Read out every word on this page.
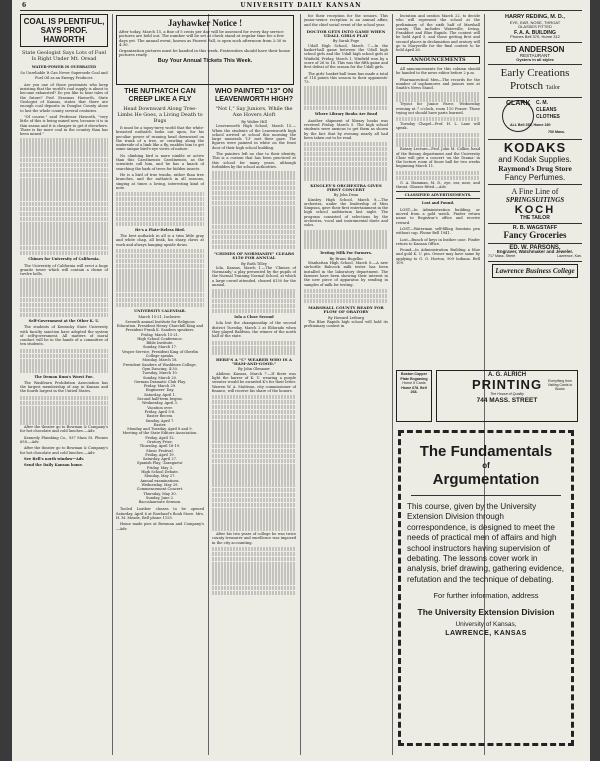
6	UNIVERSITY DAILY KANSAN
COAL IS PLENTIFUL, SAYS PROF. HAWORTH
State Geologist Says Lots of Fuel Is Right Under Mt. Oread
WATER-POWER IS OVERRATED
So Unreliable It Can Never Supersede Coal and Fuel Oil as an Energy Producer.

Are you one of those pessimists who keep insisting that the world's coal supply is about to become exhausted? Do you like to hear tales of the future? Prof. Erasmus Haworth, State Geologist of Kansas, states that there are enough coal deposits in Douglas County alone to last the whole county several centuries.

"Of course," said Professor Haworth, "very little of this is being mined now, because it is in thin seams and it is cheaper to get it elsewhere. There is far more coal in the country than has been mined."

Chimes for University of California.

The University of California will erect a huge granite tower which will contain a chime of twelve bells.

Self-Government at the Other K. U.

The students of Kentucky State University with faculty sanction have adopted the system of self-government. All matters of moral conduct will be in the hands of a committee of ten students.

The Demon Rum's Worst Foe.

The Washburn Prohibition Association has the largest membership of any in Kansas and the fourth largest in the United States.

After the theater go to Bowman & Company's for hot chocolate and cold lunches.—Adv.

Kennedy Plumbing Co., 937 Mass St. Phones 658.—Adv.

After the theater go to Bowman & Company's for hot chocolate and cold lunches.—Adv.

See Bell's north window—Adv.

Send the Daily Kansan home.

Jayhawker Notice !

After today, March 15, a fine of 5 cents per day will be assessed for every day service pictures are held out. The number will be set at check stand at regular time for a few days yet. The annual event, known as Fineest Fall, is open such afternoon from 2:30 to 4:30.

Organization pictures must be handed in this week. Fraternities should have their house pictures ready.

Buy Your Annual Tickets This Week.
THE NUTHATCH CAN CREEP LIKE A FLY
Head Downward Along Tree-Limbs He Goes, a Living Death to Bugs

It must be a topsy-turvy world that the white-breasted nuthatch looks out upon, for his peculiar power of running head downward on the trunk of a tree, or crawling along the underside of a limb like a fly, enables him to get some unique bird's-eye views of nature.

No climbing bird is more nimble or active than this Carolinensis Carolinensis, as the scientists call him, and he has a knack of searching the bark of trees for hidden insects.

He is a bird of true trunks, rather than tree branches, and the nuthatch in all seasons, singing at times a loving, interesting kind of note.

He's a Plate-Iteless Bird.

The best nuthatch in all is a trim little gray and white chap, all beak, his sharp claws at work and always hanging upside down.

UNIVERSITY CALENDAR.
March 15-21, Inclusive.
Seventh annual Institute for Religious Education. President Henry Churchill King and President Frank K. Sanders speakers.
Friday, March 15-21.
High School Conference.
Bible Institute.
Sunday, March 17.
Vesper Service, President King of Oberlin College speaks.
Monday, March 18.
President Sanders of Washburn College.
Gym Dancing, 4:30.
Tuesday, March 19.
Sunday, March 20.
German Dramatic Club Play.
Friday, March 29.
Engineers' Day.
Saturday, April 1.
Second half-term begins.
Wednesday, April 3.
Vacation over.
Friday, April 5-6.
Easter Recess.
Sunday, April 7.
Easter.
Monday and Tuesday, April 8 and 9.
Meeting of the State Editors Association.
Friday, April 12.
Oratory Prize.
Thursday, April 18-19.
Music Festival.
Friday, April 19.
Saturday, April 27.
Spanish Play, 'Zaragueta'
Friday, May 3.
High School Debate.
Monday, May 27.
Annual examinations.
Wednesday, May 29.
Commencement Concert.
Thursday, May 30.
Sunday, June 2.
Baccalaureate Sermon.

Tooled Leather classes to be opened Saturday, April 6 at Rowland's Book Store. Mrs. H. M. Meade, Bell phone 1155.

Home made pies at Bowman and Company's—Adv.

WHO PAINTED "13" ON LEAVENWORTH HIGH?
"Not I," Say Juniors, While the Axe Hovers Aloft
By Walter Hill

Leavenworth High School, March 15.—When the students of the Leavenworth high school arrived at school this morning the large numerals '13' met their gaze. The figures were painted in white on the front door of their high school building.

The painters left no clue to their identity. This is a custom that has been practiced at this school for many years, although forbidden by the school authorities.

"CHIMES OF NORMANDY" CLEARS $150 FOR ANNUAL
By Ruth Tilley

Iola, Kansas, March 1.—The 'Chimes of Normandy,' a play presented by the pupils of the Normal Training Normal School, at which a large crowd attended, cleared $150 for the annual.

Iola a Close Second

Iola lost the championship of the second district Tuesday, March 2 at Eldorado when they played Baldwin, the winner of the north half of the state.

HERE'S A "C" WEARER WHO IS A "HAM-AND-GOOD."
By John Glennaer

Abilene, Kansas, March 7.—If there was light the barrer of K. U. wearing a purple sweater would be awarded K's for their letter. Warren W. A. Mattison, city commissioner of finance, will receive his share of the honors.

After his two years of college he was twice county treasurer and excellence was imposed in the city accounting.

for their reception for the seniors. This junior-senior reception is an annual affair, and the chief social event of the school year.

DOCTOR GETS INTO GAME WHEN UDALL GIRLS PLAY
By Sarah Poge

Udall High School, March 7.—In the basket-ball game between the Udall high school girls and the Udall high school girls at Winfield, Friday, March 1, Winfield won by a score of 26 to 16. This was the fifth game and first defeat of the season for the Udall girls.

The girls' basket-ball team has made a total of 114 points this season to their opponents' 73.

Where Library Books Are Read

Another shipment of library books was received Friday, March 5. The high school students were anxious to get them as shown by the fact that by evening nearly all had been taken out to be read.

KINGLEY'S ORCHESTRA GIVES FIRST CONCERT
By John Dean

Kinsley High School, March 8.—The orchestra, under the leadership of Miss Simpson, gave their first entertainment in the high school auditorium last night. The program consisted of selections by the orchestra, vocal and instrumental duets and solos.

Testing Milk For Farmers.
By Bruno Bugelko

Manhattan High School, March 8.—A new six-bottle Babcock milk tester has been installed in the laboratory department. The farmers have been showing their interest in the new piece of apparatus by sending in samples of milk for testing.

MARSHALL COUNTY READY FOR FLOW OF ORATORY
By Howard Letburg

The Blue Rapids high school will hold its preliminary contest in

leoration and oration March 22, to decide who will represent the school at the preliminary of the sixth half of Marshall county. This includes Waterville, Irving, Frankfort and Blue Rapids. The contest will be held April 5, and those getting first and second places in declamation and oratory will go to Marysville for the final contest to be held April 26.

ANNOUNCEMENTS

All announcements for this column should be handed to the news editor before 2 p.m.

Pharmaceutical Men—The records for the number of sophomores and juniors now at Smith's News Stand.

Tryout for Junior Farce, Wednesday evening at 7 o'clock, room 110 Fraser. Those trying out should have parts learned.

Tuesday Chapel—Prof. H. L. Lane will speak.

Rotary Lecture—Prof. John M. Collier, head of the Botany department and the University Choir will give a concert 'on the Drama' in the lecture room of Snow hall for two weeks beginning March 11.

G. A. Hamman, M. D., eye, ear, nose, and throat. Glasses fitted.—Adv.

CLASSIFIED ADVERTISEMENTS.
Lost and Found.

LOST—In Administration building, or moved from a gold watch. Finder return name to Registrar's office and receive reward.

LOST—Waterman self-filling fountain pen without cap. Phone Bell 1941.

Lost—Bunch of keys in leather case. Finder return to Kansan Office.

Found—In Administration Building a blue and gold K. U. pin. Owner may have same by applying to G. O. Horton, 909 Indiana. Bell 109.

Boston Copper Plate Engraving
Horne 5 Cards
Home 678. Bell 268.
A. G. ALRICH
PRINTING
The House of Quality
Everything from Visiting Cards to Books
744 MASS. STREET
HARRY REDING, M. D.,
EYE, EAR, NOSE, THROAT
GLASSES FITTED
F. A. A. BUILDING
Phones Bell 370, Home 312
ED ANDERSON
RESTAURANT
Oysters in all styles
Early Creations
Protsch Tailor
CLARK C. M.
CLEANS
CLOTHES
ALL Bell 255, Home 180
700 Mass.
KODAKS
and Kodak Supplies.
Raymond's Drug Store
Fancy Perfumes.
A Fine Line of
SPRINGSUITINGS
KOCH
THE TAILOR
R. B. WAGSTAFF
Fancy Groceries
ED. W. PARSONS,
Engraver, Watchmaker and Jeweler.
717 Mass. Street	Lawrence, Kan.
Lawrence Business College
The Fundamentals
of
Argumentation
This course, given by the University Extension Division through correspondence, is designed to meet the needs of practical men of affairs and high school instructors having supervision of debating. The lessons cover work in analysis, brief drawing, gathering evidence, refutation and the technique of debating.
For further information, address
The University Extension Division
University of Kansas,
LAWRENCE, KANSAS
